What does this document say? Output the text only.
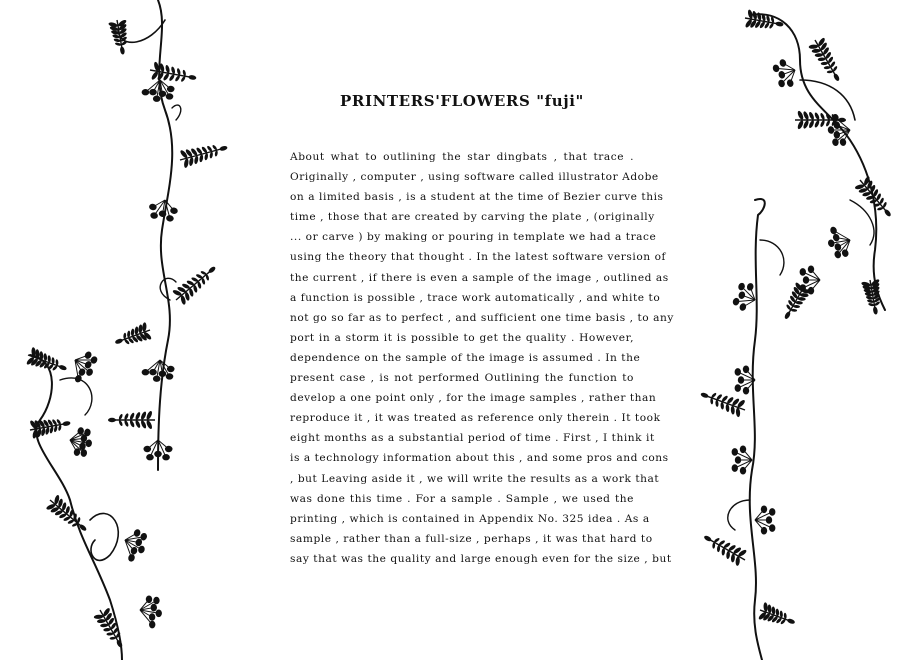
PRINTERS'FLOWERS "fuji"
About what to outlining the star dingbats , that trace .
Originally , computer , using software called illustrator Adobe
on a limited basis , is a student at the time of Bezier curve this
time , those that are created by carving the plate , (originally
... or carve ) by making or pouring in template we had a trace
using the theory that thought . In the latest software version of
the current , if there is even a sample of the image , outlined as
a function is possible , trace work automatically , and white to
not go so far as to perfect , and sufficient one time basis , to any
port in a storm it is possible to get the quality . However,
dependence on the sample of the image is assumed . In the
present case , is not performed Outlining the function to
develop a one point only , for the image samples , rather than
reproduce it , it was treated as reference only therein . It took
eight months as a substantial period of time . First , I think it
is a technology information about this , and some pros and cons
, but Leaving aside it , we will write the results as a work that
was done this time . For a sample . Sample , we used the
printing , which is contained in Appendix No. 325 idea . As a
sample , rather than a full-size , perhaps , it was that hard to
say that was the quality and large enough even for the size , but
